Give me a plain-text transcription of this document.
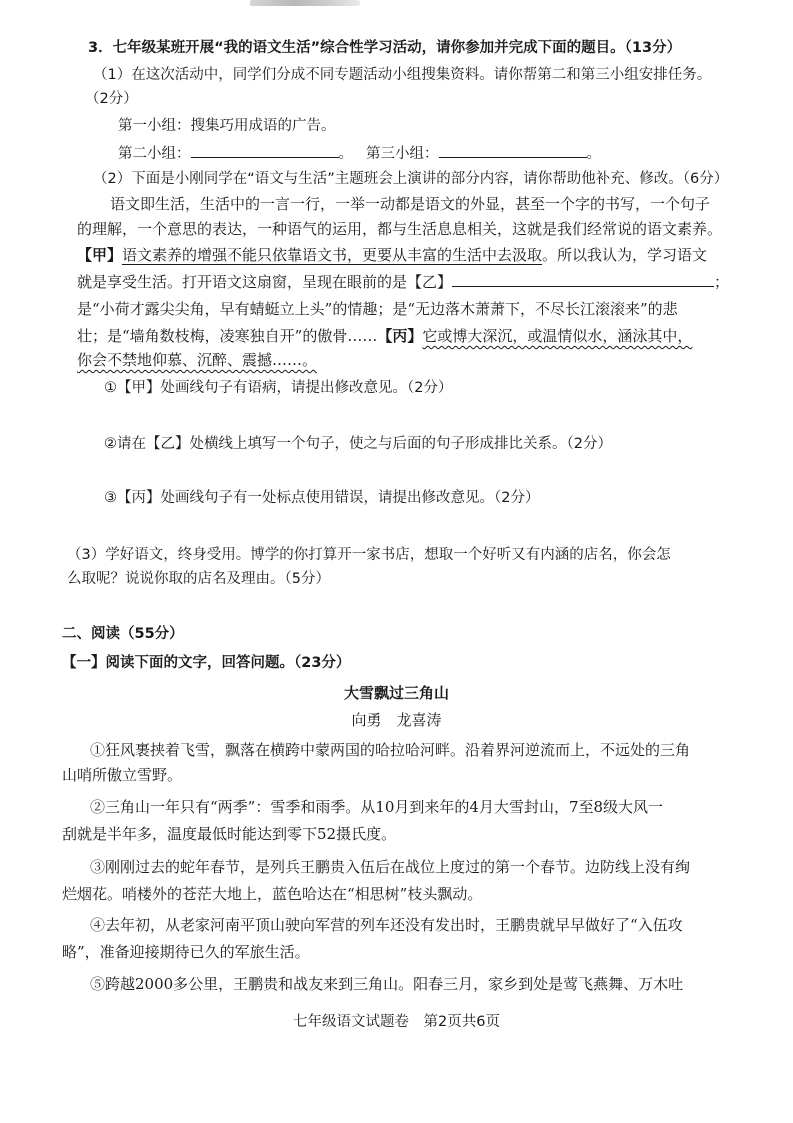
3．七年级某班开展“我的语文生活”综合性学习活动，请你参加并完成下面的题目。（13分）
（1）在这次活动中，同学们分成不同专题活动小组搜集资料。请你帮第二和第三小组安排任务。
（2分）
第一小组：搜集巧用成语的广告。
第二小组：	。 第三小组：	。
（2）下面是小刚同学在“语文与生活”主题班会上演讲的部分内容，请你帮助他补充、修改。（6分）
语文即生活，生活中的一言一行，一举一动都是语文的外显，甚至一个字的书写，一个句子
的理解，一个意思的表达，一种语气的运用，都与生活息息相关，这就是我们经常说的语文素养。
【甲】语文素养的增强不能只依靠语文书，更要从丰富的生活中去汲取。所以我认为，学习语文
就是享受生活。打开语文这扇窗，呈现在眼前的是【乙】	；
是“小荷才露尖尖角，早有蜻蜓立上头”的情趣；是“无边落木萧萧下，不尽长江滚滚来”的悲
壮；是“墙角数枝梅，凌寒独自开”的傲骨……【丙】它或博大深沉，或温情似水，涵泳其中，
你会不禁地仰慕、沉醉、震撼……。
①【甲】处画线句子有语病，请提出修改意见。（2分）
②请在【乙】处横线上填写一个句子，使之与后面的句子形成排比关系。（2分）
③【丙】处画线句子有一处标点使用错误，请提出修改意见。（2分）
（3）学好语文，终身受用。博学的你打算开一家书店，想取一个好听又有内涵的店名，你会怎
么取呢？说说你取的店名及理由。（5分）
二、阅读（55分）
【一】阅读下面的文字，回答问题。（23分）
大雪飘过三角山
向勇　龙喜涛
①狂风裹挟着飞雪，飘落在横跨中蒙两国的哈拉哈河畔。沿着界河逆流而上，不远处的三角
山哨所傲立雪野。
②三角山一年只有“两季”：雪季和雨季。从10月到来年的4月大雪封山，7至8级大风一
刮就是半年多，温度最低时能达到零下52摄氏度。
③刚刚过去的蛇年春节，是列兵王鹏贵入伍后在战位上度过的第一个春节。边防线上没有绚
烂烟花。哨楼外的苍茫大地上，蓝色哈达在“相思树”枝头飘动。
④去年初，从老家河南平顶山驶向军营的列车还没有发出时，王鹏贵就早早做好了“入伍攻
略”，准备迎接期待已久的军旅生活。
⑤跨越2000多公里，王鹏贵和战友来到三角山。阳春三月，家乡到处是莺飞燕舞、万木吐
七年级语文试题卷　第2页共6页
